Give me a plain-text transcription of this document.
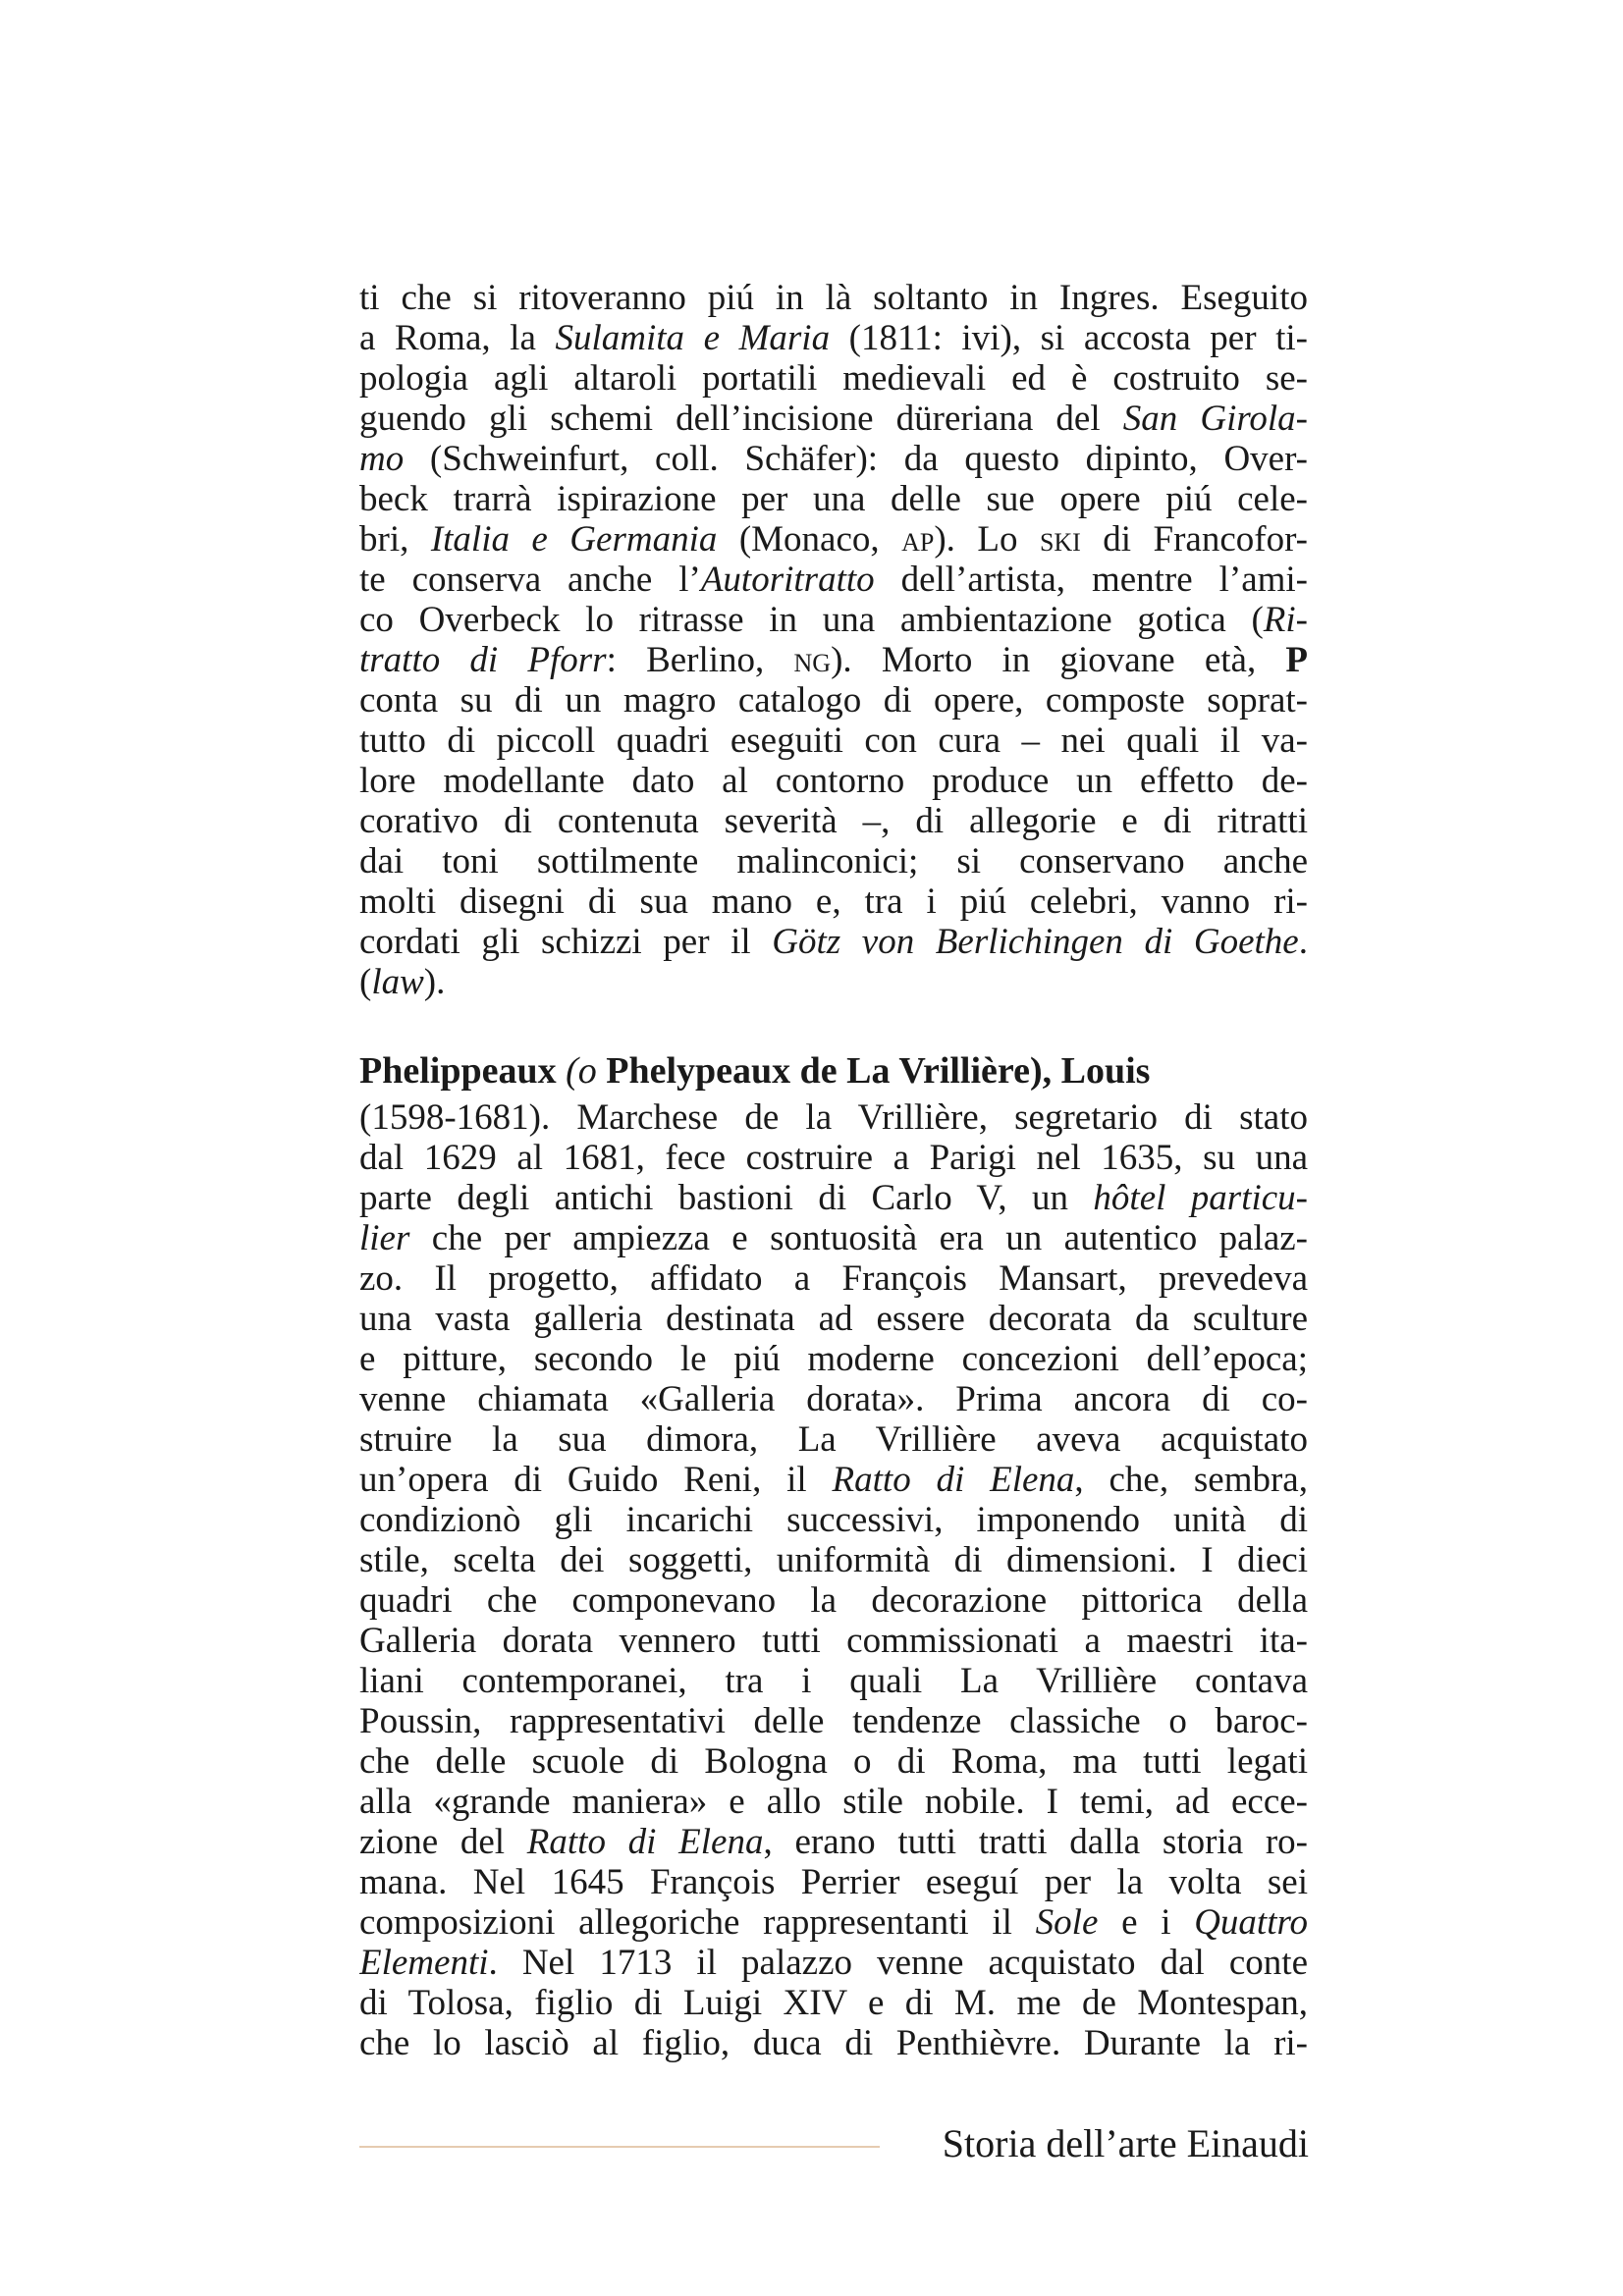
ti che si ritoveranno piú in là soltanto in Ingres. Eseguito
a Roma, la Sulamita e Maria (1811: ivi), si accosta per ti-
pologia agli altaroli portatili medievali ed è costruito se-
guendo gli schemi dell’incisione düreriana del San Girola-
mo (Schweinfurt, coll. Schäfer): da questo dipinto, Over-
beck trarrà ispirazione per una delle sue opere piú cele-
bri, Italia e Germania (Monaco, ap). Lo ski di Francofor-
te conserva anche l’Autoritratto dell’artista, mentre l’ami-
co Overbeck lo ritrasse in una ambientazione gotica (Ri-
tratto di Pforr: Berlino, ng). Morto in giovane età, P
conta su di un magro catalogo di opere, composte soprat-
tutto di piccoll quadri eseguiti con cura – nei quali il va-
lore modellante dato al contorno produce un effetto de-
corativo di contenuta severità –, di allegorie e di ritratti
dai toni sottilmente malinconici; si conservano anche
molti disegni di sua mano e, tra i piú celebri, vanno ri-
cordati gli schizzi per il Götz von Berlichingen di Goethe.
(law).
Phelippeaux (o Phelypeaux de La Vrillière), Louis
(1598-1681). Marchese de la Vrillière, segretario di stato
dal 1629 al 1681, fece costruire a Parigi nel 1635, su una
parte degli antichi bastioni di Carlo V, un hôtel particu-
lier che per ampiezza e sontuosità era un autentico palaz-
zo. Il progetto, affidato a François Mansart, prevedeva
una vasta galleria destinata ad essere decorata da sculture
e pitture, secondo le piú moderne concezioni dell’epoca;
venne chiamata «Galleria dorata». Prima ancora di co-
struire la sua dimora, La Vrillière aveva acquistato
un’opera di Guido Reni, il Ratto di Elena, che, sembra,
condizionò gli incarichi successivi, imponendo unità di
stile, scelta dei soggetti, uniformità di dimensioni. I dieci
quadri che componevano la decorazione pittorica della
Galleria dorata vennero tutti commissionati a maestri ita-
liani contemporanei, tra i quali La Vrillière contava
Poussin, rappresentativi delle tendenze classiche o baroc-
che delle scuole di Bologna o di Roma, ma tutti legati
alla «grande maniera» e allo stile nobile. I temi, ad ecce-
zione del Ratto di Elena, erano tutti tratti dalla storia ro-
mana. Nel 1645 François Perrier eseguí per la volta sei
composizioni allegoriche rappresentanti il Sole e i Quattro
Elementi. Nel 1713 il palazzo venne acquistato dal conte
di Tolosa, figlio di Luigi XIV e di M. me de Montespan,
che lo lasciò al figlio, duca di Penthièvre. Durante la ri-
Storia dell’arte Einaudi
